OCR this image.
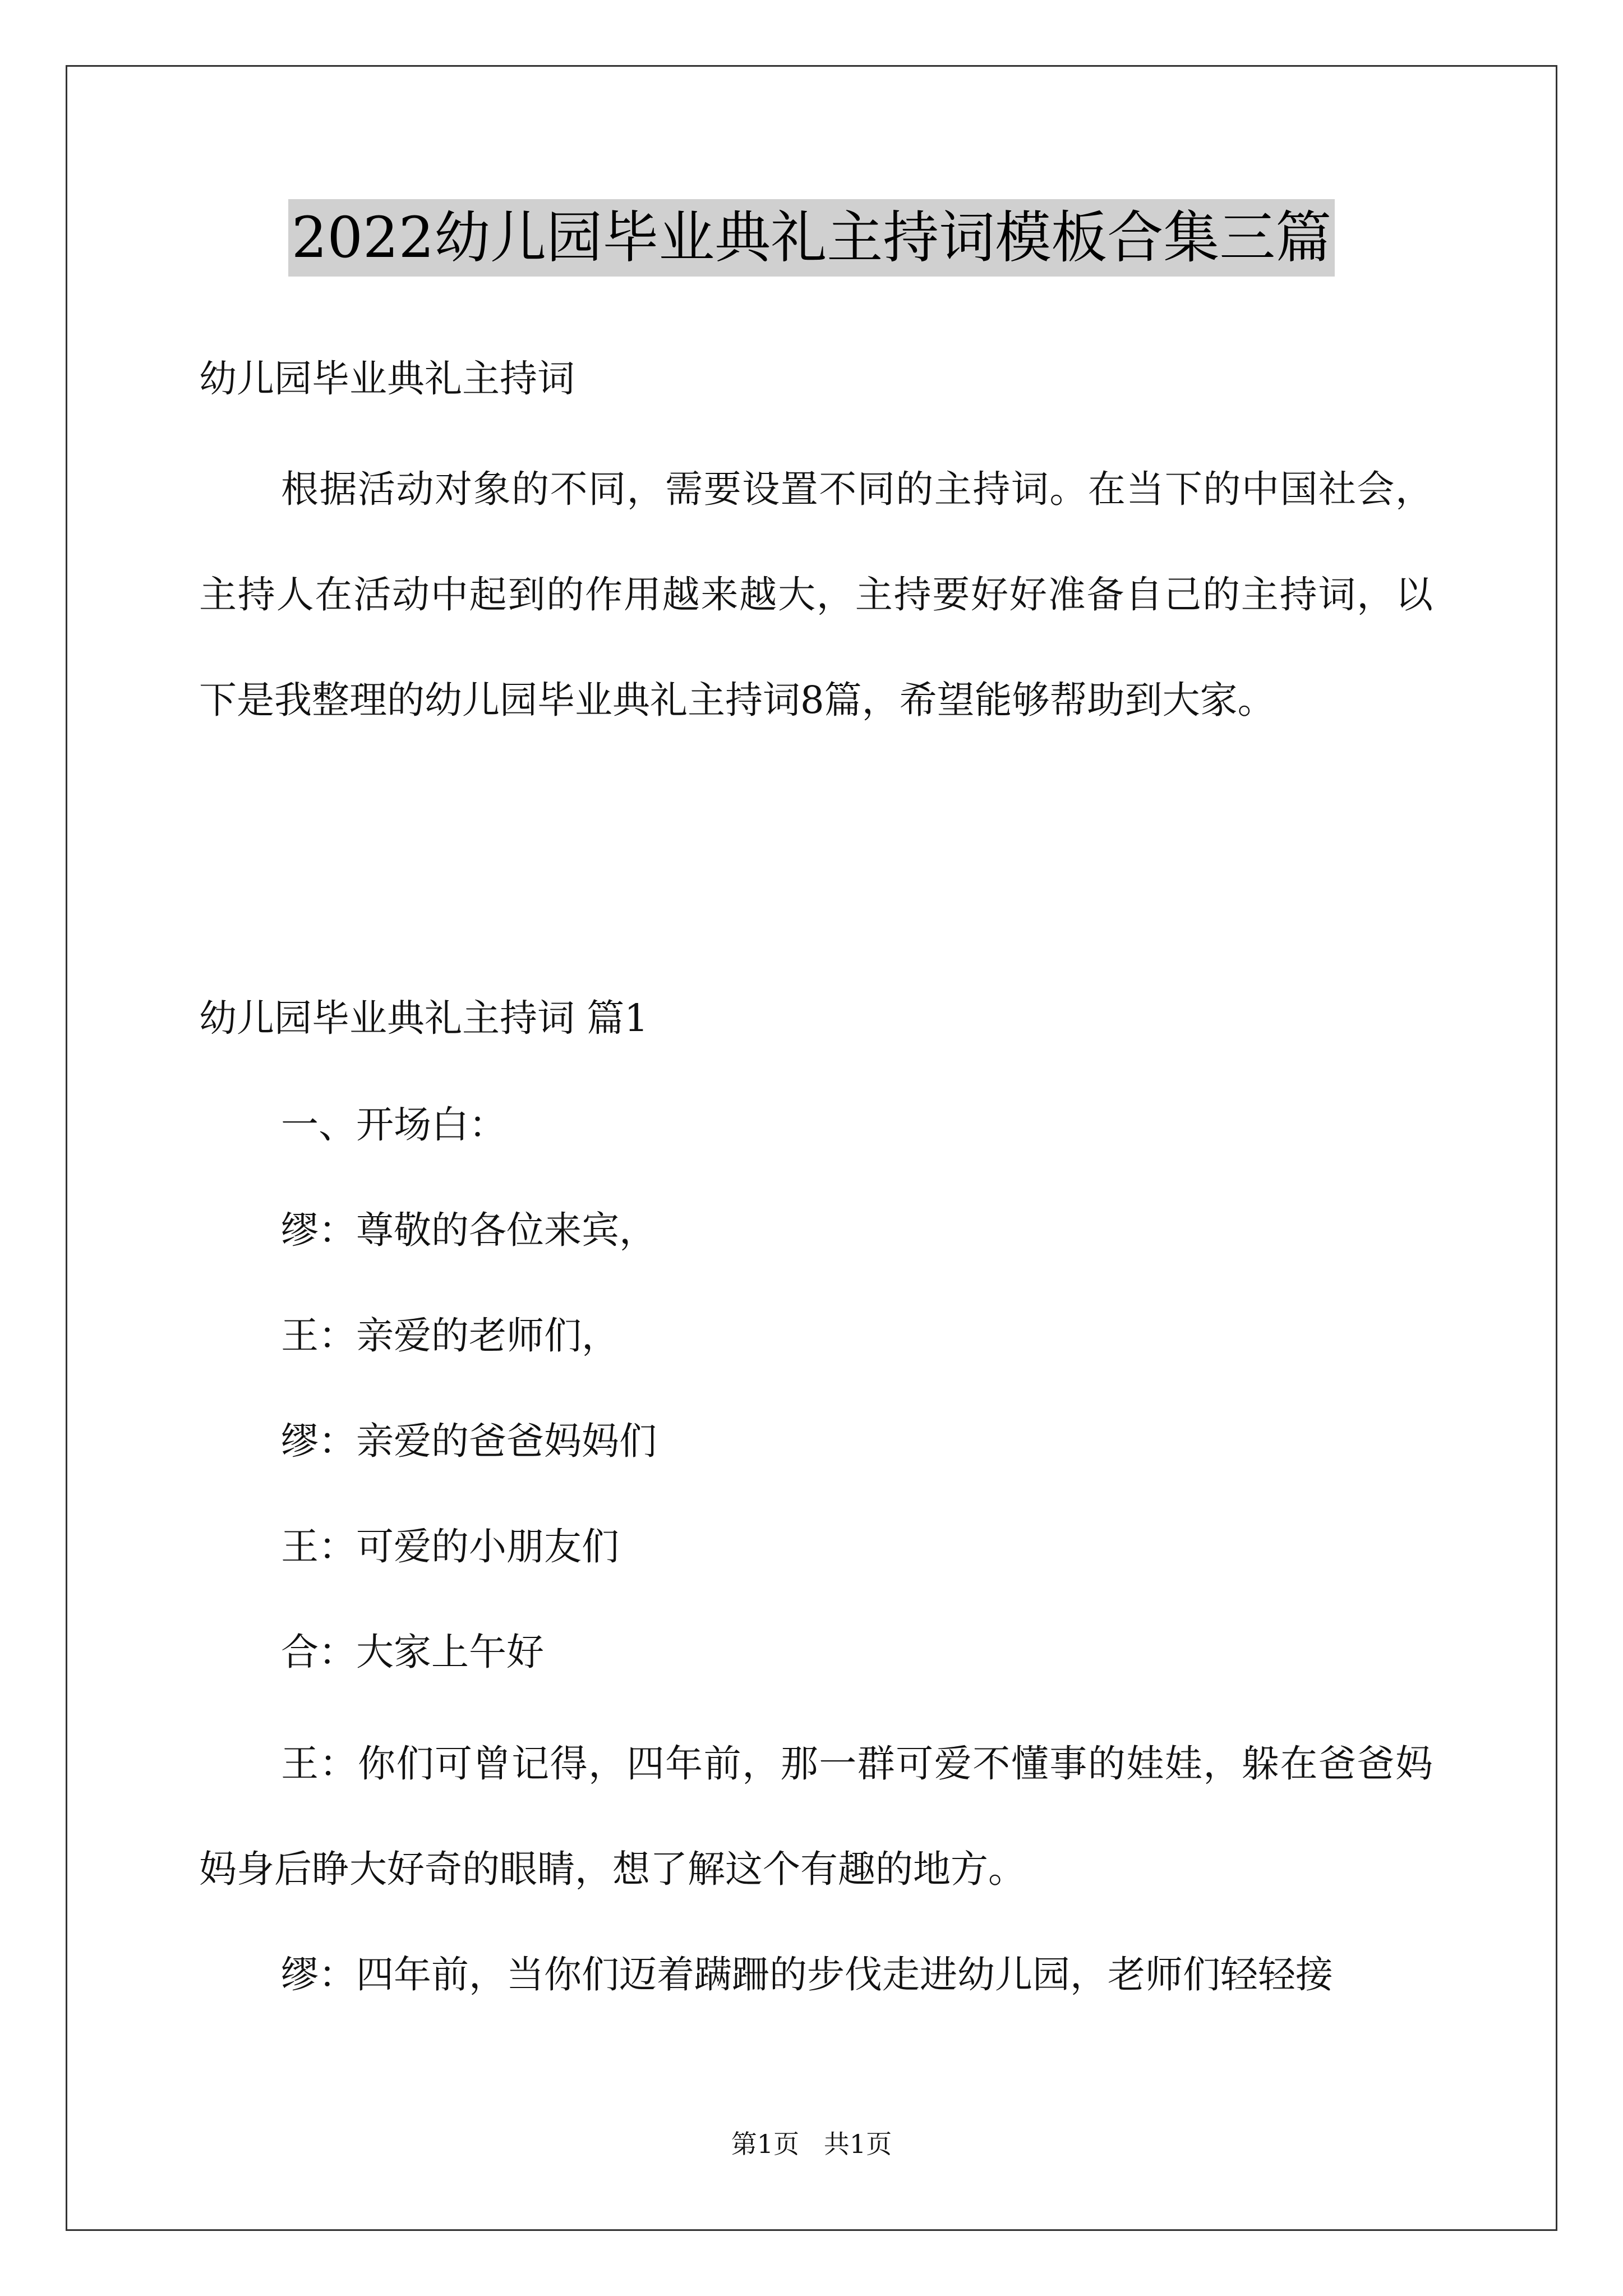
2022幼儿园毕业典礼主持词模板合集三篇

幼儿园毕业典礼主持词

根据活动对象的不同，需要设置不同的主持词。在当下的中国社会，主持人在活动中起到的作用越来越大，主持要好好准备自己的主持词，以下是我整理的幼儿园毕业典礼主持词8篇，希望能够帮助到大家。

幼儿园毕业典礼主持词 篇1

一、开场白：

缪：尊敬的各位来宾，

王：亲爱的老师们，

缪：亲爱的爸爸妈妈们

王：可爱的小朋友们

合：大家上午好

王：你们可曾记得，四年前，那一群可爱不懂事的娃娃，躲在爸爸妈妈身后睁大好奇的眼睛，想了解这个有趣的地方。

缪：四年前，当你们迈着蹒跚的步伐走进幼儿园，老师们轻轻接

第1页   共1页
